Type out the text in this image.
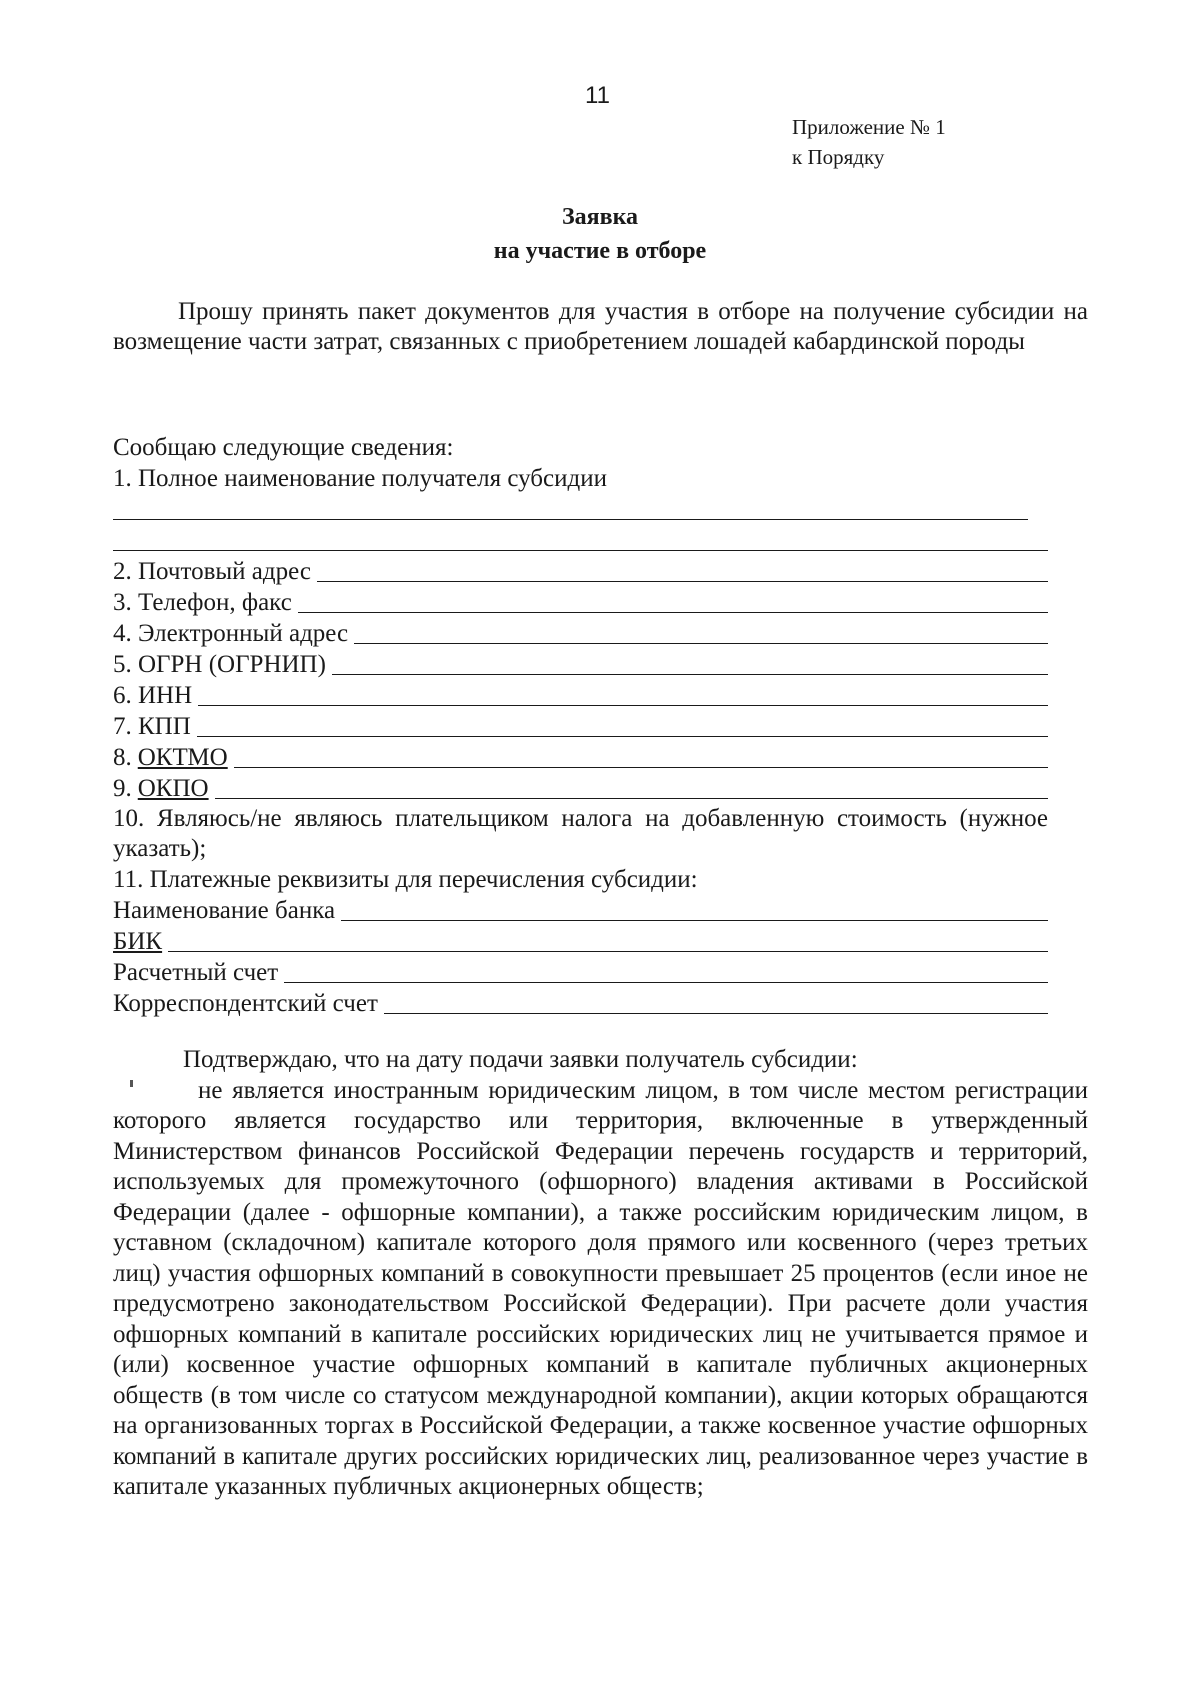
11
Приложение № 1
к Порядку
Заявка
на участие в отборе
Прошу принять пакет документов для участия в отборе на получение субсидии на возмещение части затрат, связанных с приобретением лошадей кабардинской породы
Сообщаю следующие сведения:
1. Полное наименование получателя субсидии
2. Почтовый адрес
3. Телефон, факс
4. Электронный адрес
5. ОГРН (ОГРНИП)
6. ИНН
7. КПП
8. ОКТМО
9. ОКПО
10. Являюсь/не являюсь плательщиком налога на добавленную стоимость (нужное указать);
11. Платежные реквизиты для перечисления субсидии:
Наименование банка
БИК
Расчетный счет
Корреспондентский счет
Подтверждаю, что на дату подачи заявки получатель субсидии:
не является иностранным юридическим лицом, в том числе местом регистрации которого является государство или территория, включенные в утвержденный Министерством финансов Российской Федерации перечень государств и территорий, используемых для промежуточного (офшорного) владения активами в Российской Федерации (далее - офшорные компании), а также российским юридическим лицом, в уставном (складочном) капитале которого доля прямого или косвенного (через третьих лиц) участия офшорных компаний в совокупности превышает 25 процентов (если иное не предусмотрено законодательством Российской Федерации). При расчете доли участия офшорных компаний в капитале российских юридических лиц не учитывается прямое и (или) косвенное участие офшорных компаний в капитале публичных акционерных обществ (в том числе со статусом международной компании), акции которых обращаются на организованных торгах в Российской Федерации, а также косвенное участие офшорных компаний в капитале других российских юридических лиц, реализованное через участие в капитале указанных публичных акционерных обществ;
